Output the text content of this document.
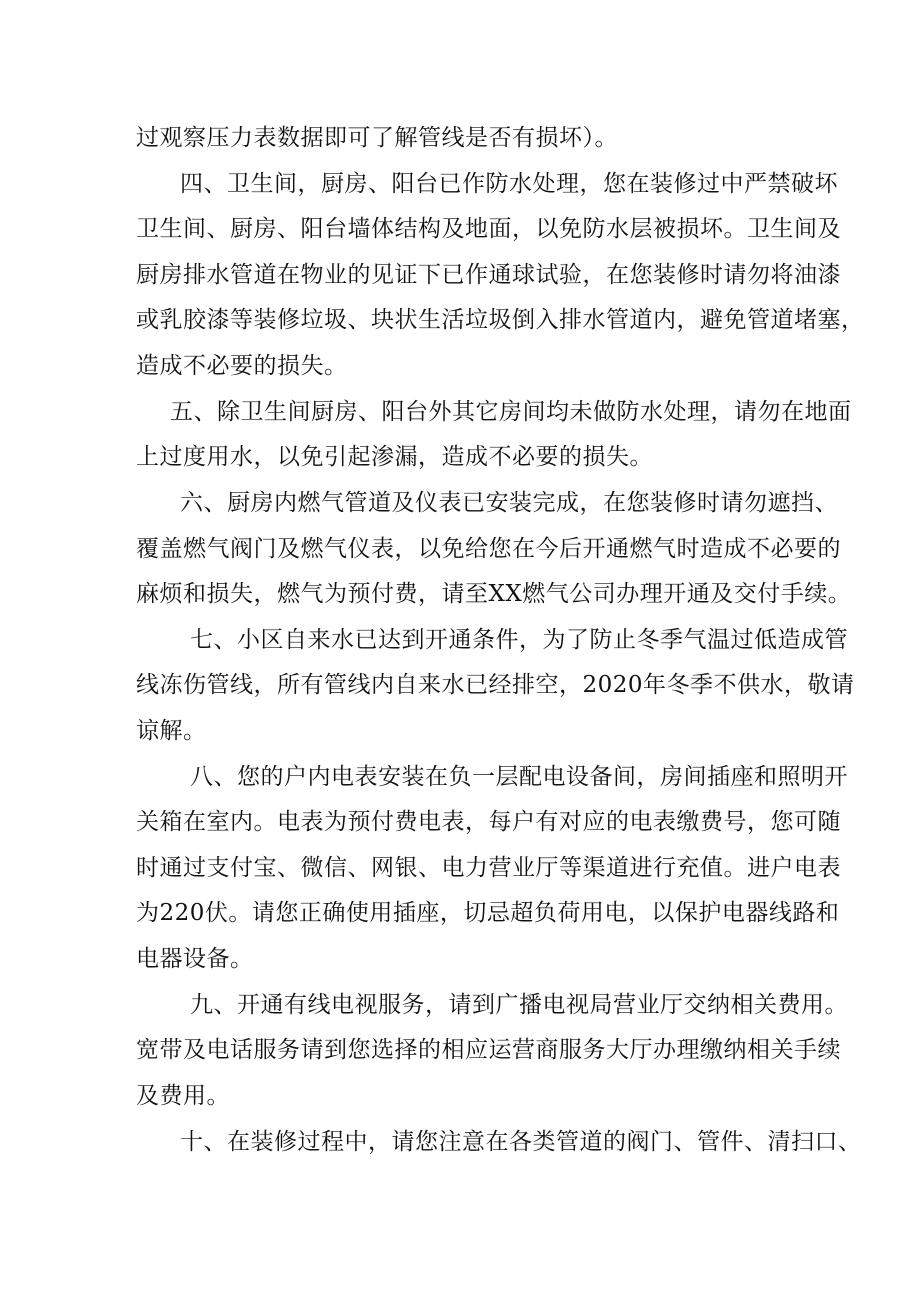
过观察压力表数据即可了解管线是否有损坏）。
四、卫生间，厨房、阳台已作防水处理，您在装修过中严禁破坏
卫生间、厨房、阳台墙体结构及地面，以免防水层被损坏。卫生间及
厨房排水管道在物业的见证下已作通球试验，在您装修时请勿将油漆
或乳胶漆等装修垃圾、块状生活垃圾倒入排水管道内，避免管道堵塞，
造成不必要的损失。
五、除卫生间厨房、阳台外其它房间均未做防水处理，请勿在地面
上过度用水，以免引起渗漏，造成不必要的损失。
六、厨房内燃气管道及仪表已安装完成，在您装修时请勿遮挡、
覆盖燃气阀门及燃气仪表，以免给您在今后开通燃气时造成不必要的
麻烦和损失，燃气为预付费，请至XX燃气公司办理开通及交付手续。
七、小区自来水已达到开通条件，为了防止冬季气温过低造成管
线冻伤管线，所有管线内自来水已经排空，2020年冬季不供水，敬请
谅解。
八、您的户内电表安装在负一层配电设备间，房间插座和照明开
关箱在室内。电表为预付费电表，每户有对应的电表缴费号，您可随
时通过支付宝、微信、网银、电力营业厅等渠道进行充值。进户电表
为220伏。请您正确使用插座，切忌超负荷用电，以保护电器线路和
电器设备。
九、开通有线电视服务，请到广播电视局营业厅交纳相关费用。
宽带及电话服务请到您选择的相应运营商服务大厅办理缴纳相关手续
及费用。
十、在装修过程中，请您注意在各类管道的阀门、管件、清扫口、
